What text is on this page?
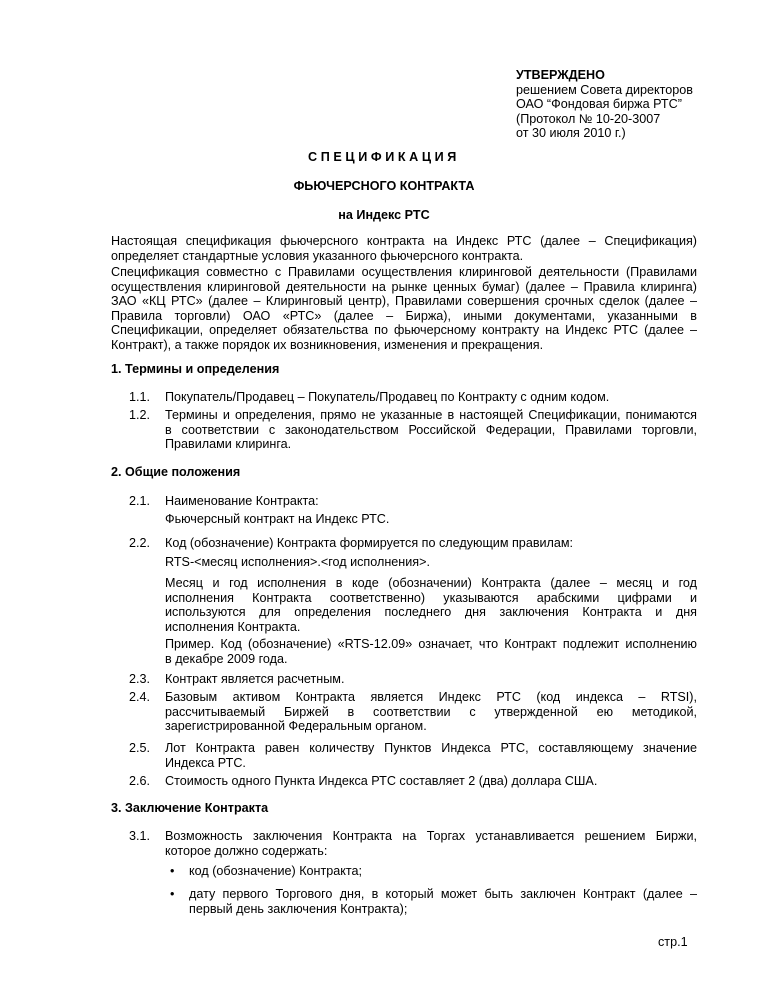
УТВЕРЖДЕНО
решением Совета директоров
ОАО “Фондовая биржа РТС”
(Протокол № 10-20-3007
от 30 июля 2010 г.)
СПЕЦИФИКАЦИЯ
ФЬЮЧЕРСНОГО КОНТРАКТА
на Индекс РТС
Настоящая спецификация фьючерсного контракта на Индекс РТС (далее – Спецификация)
определяет стандартные условия указанного фьючерсного контракта.
Спецификация совместно с Правилами осуществления клиринговой деятельности (Правилами
осуществления клиринговой деятельности на рынке ценных бумаг) (далее – Правила клиринга)
ЗАО «КЦ РТС» (далее – Клиринговый центр), Правилами совершения срочных сделок (далее –
Правила торговли) ОАО «РТС» (далее – Биржа), иными документами, указанными в
Спецификации, определяет обязательства по фьючерсному контракту на Индекс РТС (далее –
Контракт), а также порядок их возникновения, изменения и прекращения.
1. Термины и определения
1.1. Покупатель/Продавец – Покупатель/Продавец по Контракту с одним кодом.
1.2. Термины и определения, прямо не указанные в настоящей Спецификации, понимаются
в соответствии с законодательством Российской Федерации, Правилами торговли,
Правилами клиринга.
2. Общие положения
2.1. Наименование Контракта:
Фьючерсный контракт на Индекс РТС.
2.2. Код (обозначение) Контракта формируется по следующим правилам:
RTS-<месяц исполнения>.<год исполнения>.
Месяц и год исполнения в коде (обозначении) Контракта (далее – месяц и год
исполнения Контракта соответственно) указываются арабскими цифрами и
используются для определения последнего дня заключения Контракта и дня
исполнения Контракта.
Пример. Код (обозначение) «RTS-12.09» означает, что Контракт подлежит исполнению
в декабре 2009 года.
2.3. Контракт является расчетным.
2.4. Базовым активом Контракта является Индекс РТС (код индекса – RTSI),
рассчитываемый Биржей в соответствии с утвержденной ею методикой,
зарегистрированной Федеральным органом.
2.5. Лот Контракта равен количеству Пунктов Индекса РТС, составляющему значение
Индекса РТС.
2.6. Стоимость одного Пункта Индекса РТС составляет 2 (два) доллара США.
3. Заключение Контракта
3.1. Возможность заключения Контракта на Торгах устанавливается решением Биржи,
которое должно содержать:
• код (обозначение) Контракта;
• дату первого Торгового дня, в который может быть заключен Контракт (далее –
первый день заключения Контракта);
стр.1
